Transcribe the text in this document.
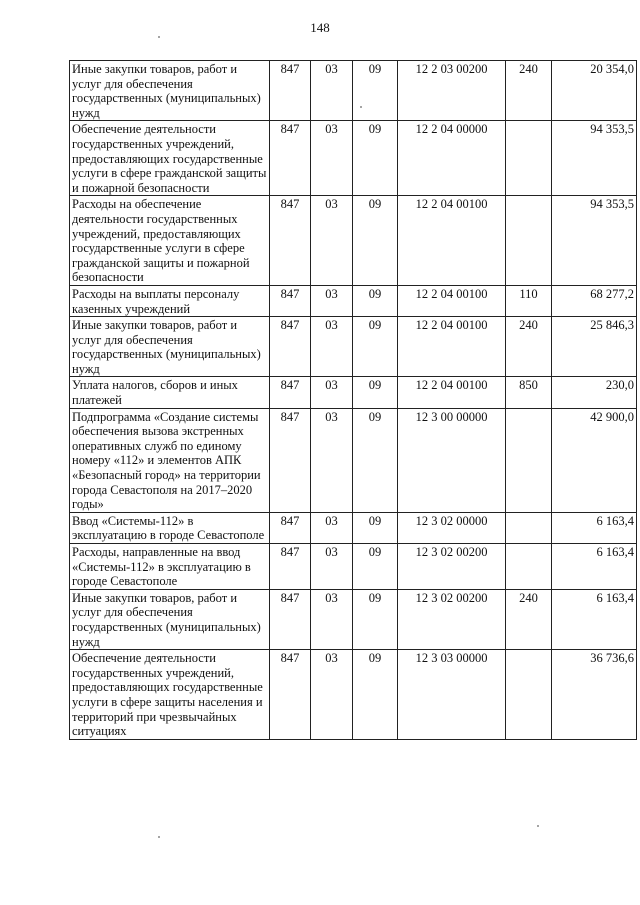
148
Иные закупки товаров, работ и услуг для обеспечения государственных (муниципальных) нужд	847	03	09	12 2 03 00200	240	20 354,0
Обеспечение деятельности государственных учреждений, предоставляющих государственные услуги в сфере гражданской защиты и пожарной безопасности	847	03	09	12 2 04 00000		94 353,5
Расходы на обеспечение деятельности государственных учреждений, предоставляющих государственные услуги в сфере гражданской защиты и пожарной безопасности	847	03	09	12 2 04 00100		94 353,5
Расходы на выплаты персоналу казенных учреждений	847	03	09	12 2 04 00100	110	68 277,2
Иные закупки товаров, работ и услуг для обеспечения государственных (муниципальных) нужд	847	03	09	12 2 04 00100	240	25 846,3
Уплата налогов, сборов и иных платежей	847	03	09	12 2 04 00100	850	230,0
Подпрограмма «Создание системы обеспечения вызова экстренных оперативных служб по единому номеру «112» и элементов АПК «Безопасный город» на территории города Севастополя на 2017–2020 годы»	847	03	09	12 3 00 00000		42 900,0
Ввод «Системы-112» в эксплуатацию в городе Севастополе	847	03	09	12 3 02 00000		6 163,4
Расходы, направленные на ввод «Системы-112» в эксплуатацию в городе Севастополе	847	03	09	12 3 02 00200		6 163,4
Иные закупки товаров, работ и услуг для обеспечения государственных (муниципальных) нужд	847	03	09	12 3 02 00200	240	6 163,4
Обеспечение деятельности государственных учреждений, предоставляющих государственные услуги в сфере защиты населения и территорий при чрезвычайных ситуациях	847	03	09	12 3 03 00000		36 736,6
